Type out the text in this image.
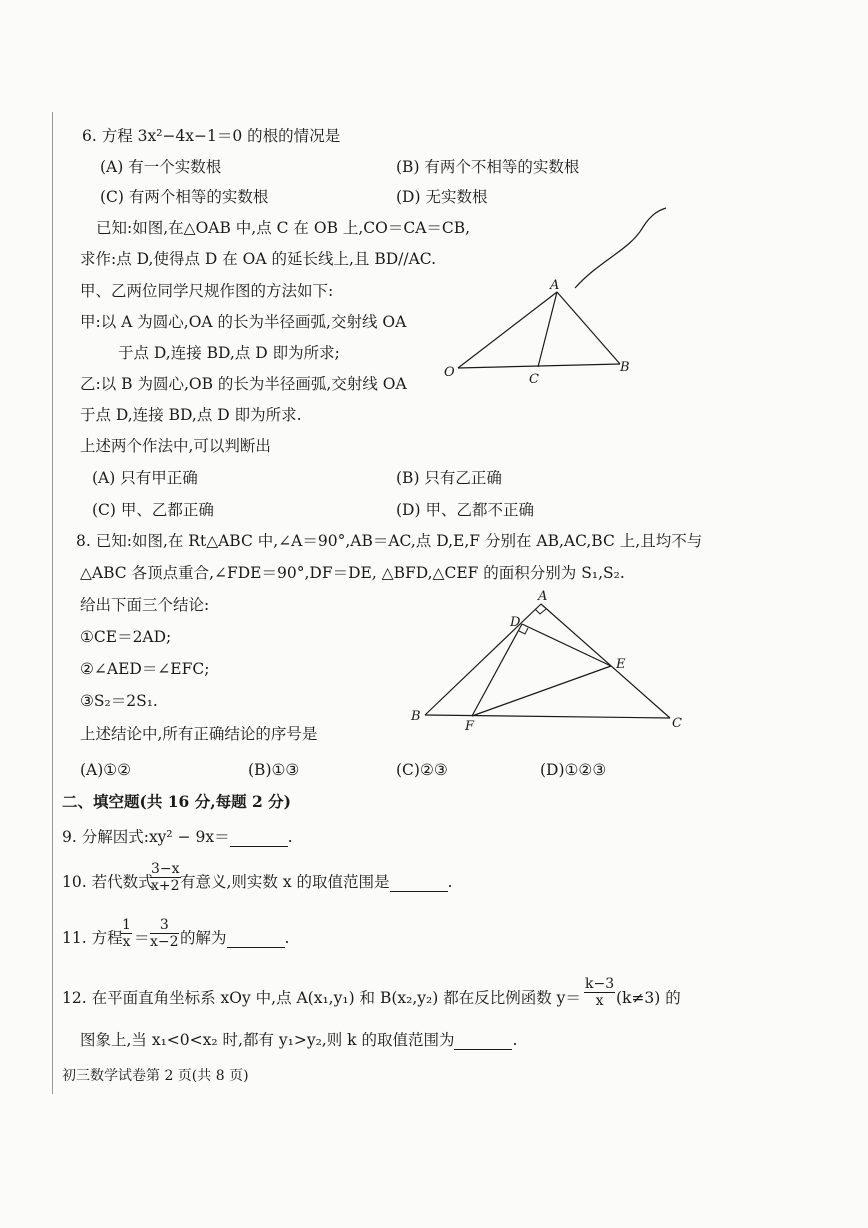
6. 方程 3x²−4x−1＝0 的根的情况是
(A) 有一个实数根	(B) 有两个不相等的实数根
(C) 有两个相等的实数根	(D) 无实数根
已知:如图,在△OAB 中,点 C 在 OB 上,CO＝CA＝CB,
求作:点 D,使得点 D 在 OA 的延长线上,且 BD//AC.
甲、乙两位同学尺规作图的方法如下:
甲:以 A 为圆心,OA 的长为半径画弧,交射线 OA
于点 D,连接 BD,点 D 即为所求;
乙:以 B 为圆心,OB 的长为半径画弧,交射线 OA
于点 D,连接 BD,点 D 即为所求.
上述两个作法中,可以判断出
(A) 只有甲正确	(B) 只有乙正确
(C) 甲、乙都正确	(D) 甲、乙都不正确
A
O	C
B
8. 已知:如图,在 Rt△ABC 中,∠A＝90°,AB＝AC,点 D,E,F 分别在 AB,AC,BC 上,且均不与
△ABC 各顶点重合,∠FDE＝90°,DF＝DE, △BFD,△CEF 的面积分别为 S₁,S₂.
给出下面三个结论:
①CE＝2AD;
②∠AED＝∠EFC;
③S₂＝2S₁.
上述结论中,所有正确结论的序号是
(A)①②	(B)①③	(C)②③	(D)①②③
A
D
E
B
F	C
二、填空题(共 16 分,每题 2 分)
9. 分解因式:xy² − 9x＝	.
10. 若代数式
$\frac{3-x}{x+2}$ 有意义,则实数 x 的取值范围是	.
11. 方程
$\frac{1}{x} = \frac{3}{x-2}$ 的解为	.
12. 在平面直角坐标系 xOy 中,点 A(x₁,y₁) 和 B(x₂,y₂) 都在反比例函数 $y= \frac{k-3}{x} (k\ne 3)$ 的
图象上,当 x₁<0<x₂ 时,都有 y₁>y₂,则 k 的取值范围为	.
初三数学试卷第 2 页(共 8 页)
